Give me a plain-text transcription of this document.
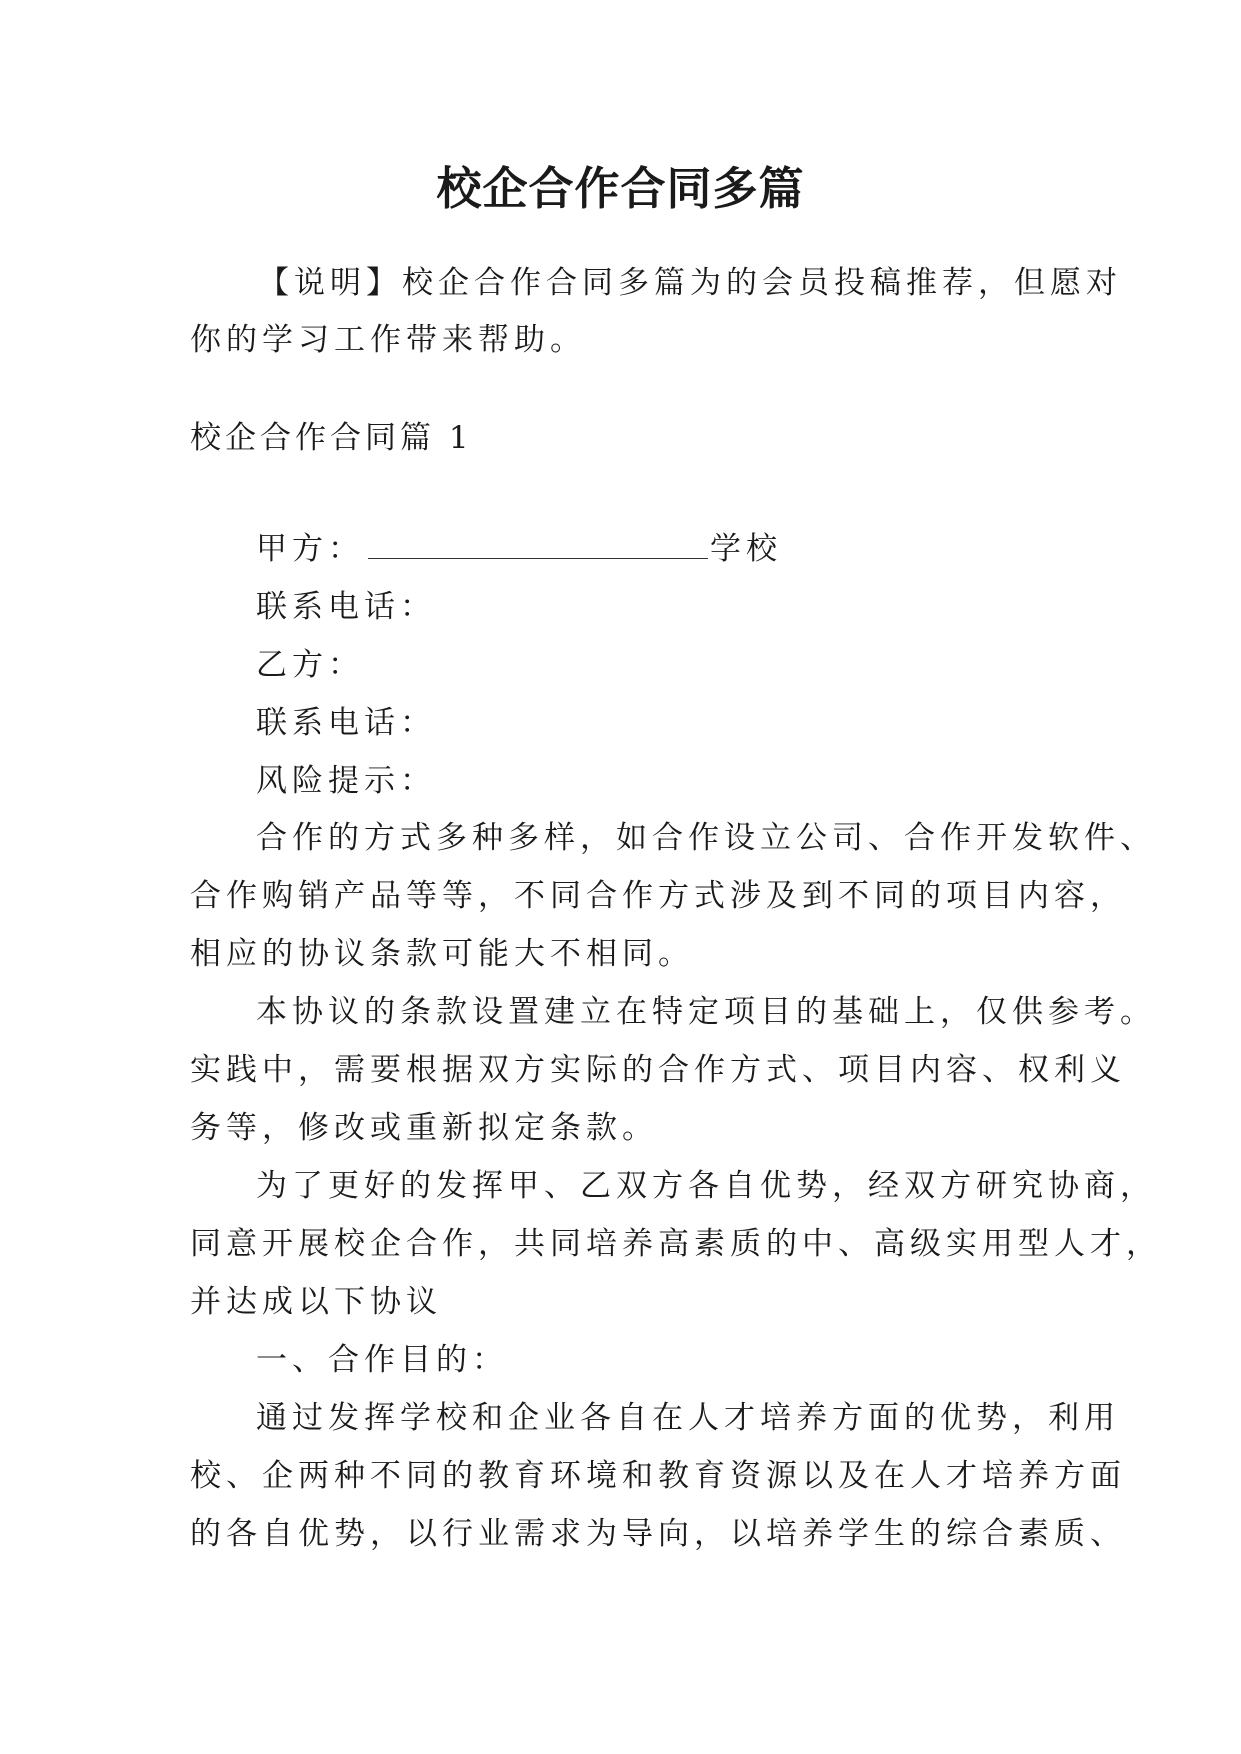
校企合作合同多篇
【说明】校企合作合同多篇为的会员投稿推荐，但愿对
你的学习工作带来帮助。
校企合作合同篇 1
甲方：	学校
联系电话：
乙方：
联系电话：
风险提示：
合作的方式多种多样，如合作设立公司、合作开发软件、
合作购销产品等等，不同合作方式涉及到不同的项目内容，
相应的协议条款可能大不相同。
本协议的条款设置建立在特定项目的基础上，仅供参考。
实践中，需要根据双方实际的合作方式、项目内容、权利义
务等，修改或重新拟定条款。
为了更好的发挥甲、乙双方各自优势，经双方研究协商，
同意开展校企合作，共同培养高素质的中、高级实用型人才，
并达成以下协议
一、合作目的：
通过发挥学校和企业各自在人才培养方面的优势，利用
校、企两种不同的教育环境和教育资源以及在人才培养方面
的各自优势，以行业需求为导向，以培养学生的综合素质、
